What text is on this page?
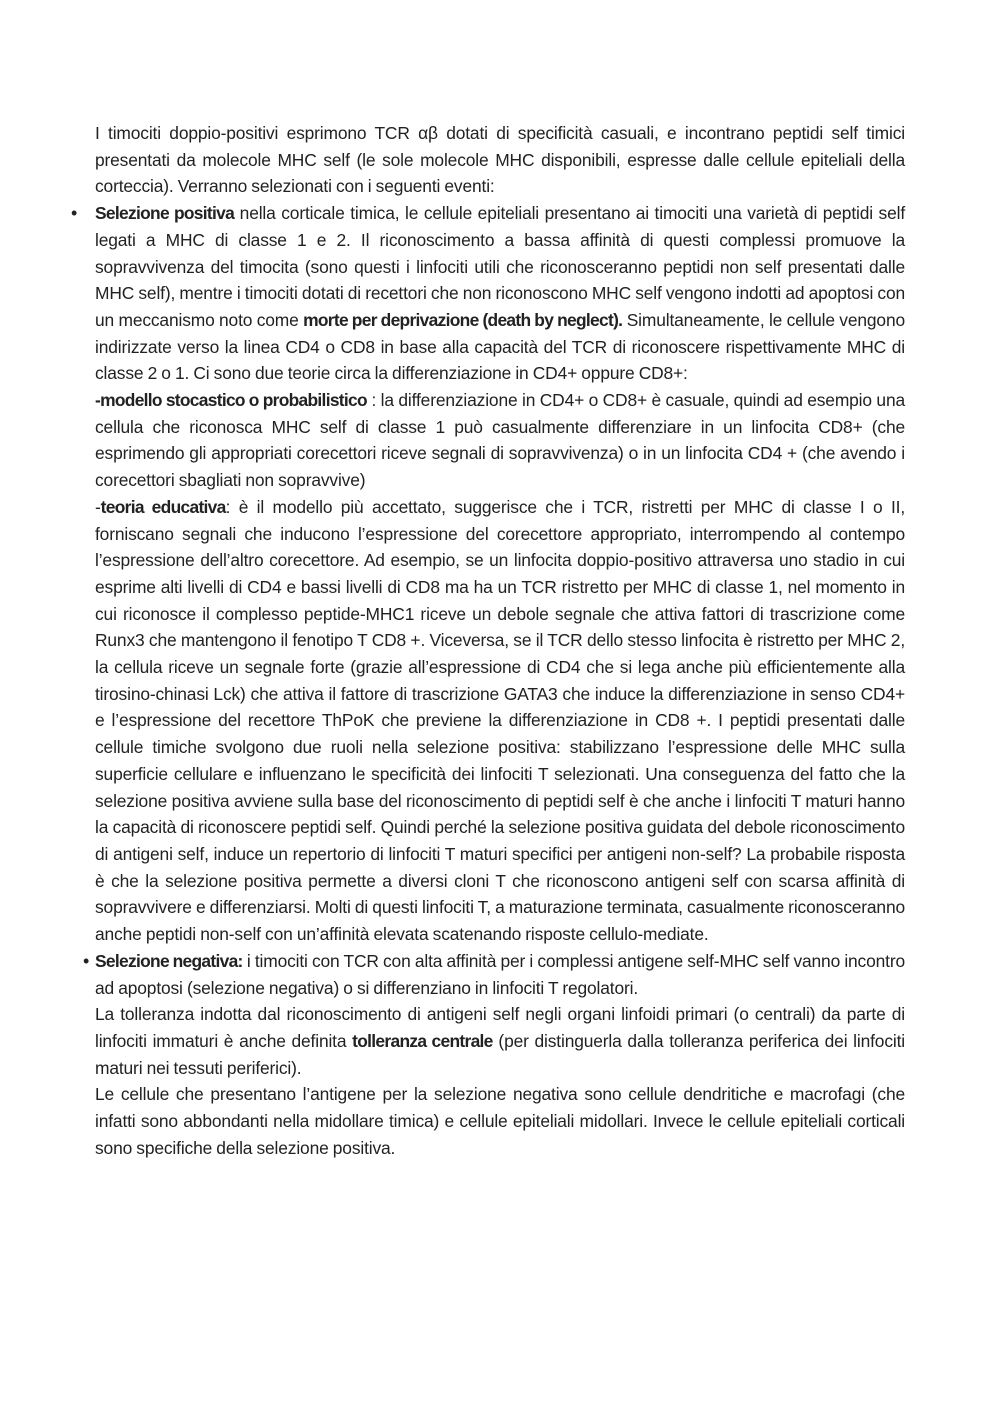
I timociti doppio-positivi esprimono TCR αβ dotati di specificità casuali, e incontrano peptidi self timici presentati da molecole MHC self (le sole molecole MHC disponibili, espresse dalle cellule epiteliali della corteccia). Verranno selezionati con i seguenti eventi:

• Selezione positiva nella corticale timica, le cellule epiteliali presentano ai timociti una varietà di peptidi self legati a MHC di classe 1 e 2. Il riconoscimento a bassa affinità di questi complessi promuove la sopravvivenza del timocita (sono questi i linfociti utili che riconosceranno peptidi non self presentati dalle MHC self), mentre i timociti dotati di recettori che non riconoscono MHC self vengono indotti ad apoptosi con un meccanismo noto come morte per deprivazione (death by neglect). Simultaneamente, le cellule vengono indirizzate verso la linea CD4 o CD8 in base alla capacità del TCR di riconoscere rispettivamente MHC di classe 2 o 1. Ci sono due teorie circa la differenziazione in CD4+ oppure CD8+:

-modello stocastico o probabilistico : la differenziazione in CD4+ o CD8+ è casuale, quindi ad esempio una cellula che riconosca MHC self di classe 1 può casualmente differenziare in un linfocita CD8+ (che esprimendo gli appropriati corecettori riceve segnali di sopravvivenza) o in un linfocita CD4 + (che avendo i corecettori sbagliati non sopravvive)

-teoria educativa: è il modello più accettato, suggerisce che i TCR, ristretti per MHC di classe I o II, forniscano segnali che inducono l’espressione del corecettore appropriato, interrompendo al contempo l’espressione dell’altro corecettore. Ad esempio, se un linfocita doppio-positivo attraversa uno stadio in cui esprime alti livelli di CD4 e bassi livelli di CD8 ma ha un TCR ristretto per MHC di classe 1, nel momento in cui riconosce il complesso peptide-MHC1 riceve un debole segnale che attiva fattori di trascrizione come Runx3 che mantengono il fenotipo T CD8 +. Viceversa, se il TCR dello stesso linfocita è ristretto per MHC 2, la cellula riceve un segnale forte (grazie all’espressione di CD4 che si lega anche più efficientemente alla tirosino-chinasi Lck) che attiva il fattore di trascrizione GATA3 che induce la differenziazione in senso CD4+ e l’espressione del recettore ThPoK che previene la differenziazione in CD8 +. I peptidi presentati dalle cellule timiche svolgono due ruoli nella selezione positiva: stabilizzano l’espressione delle MHC sulla superficie cellulare e influenzano le specificità dei linfociti T selezionati. Una conseguenza del fatto che la selezione positiva avviene sulla base del riconoscimento di peptidi self è che anche i linfociti T maturi hanno la capacità di riconoscere peptidi self. Quindi perché la selezione positiva guidata del debole riconoscimento di antigeni self, induce un repertorio di linfociti T maturi specifici per antigeni non-self? La probabile risposta è che la selezione positiva permette a diversi cloni T che riconoscono antigeni self con scarsa affinità di sopravvivere e differenziarsi. Molti di questi linfociti T, a maturazione terminata, casualmente riconosceranno anche peptidi non-self con un’affinità elevata scatenando risposte cellulo-mediate.

• Selezione negativa: i timociti con TCR con alta affinità per i complessi antigene self-MHC self vanno incontro ad apoptosi (selezione negativa) o si differenziano in linfociti T regolatori.

La tolleranza indotta dal riconoscimento di antigeni self negli organi linfoidi primari (o centrali) da parte di linfociti immaturi è anche definita tolleranza centrale (per distinguerla dalla tolleranza periferica dei linfociti maturi nei tessuti periferici).

Le cellule che presentano l’antigene per la selezione negativa sono cellule dendritiche e macrofagi (che infatti sono abbondanti nella midollare timica) e cellule epiteliali midollari. Invece le cellule epiteliali corticali sono specifiche della selezione positiva.
